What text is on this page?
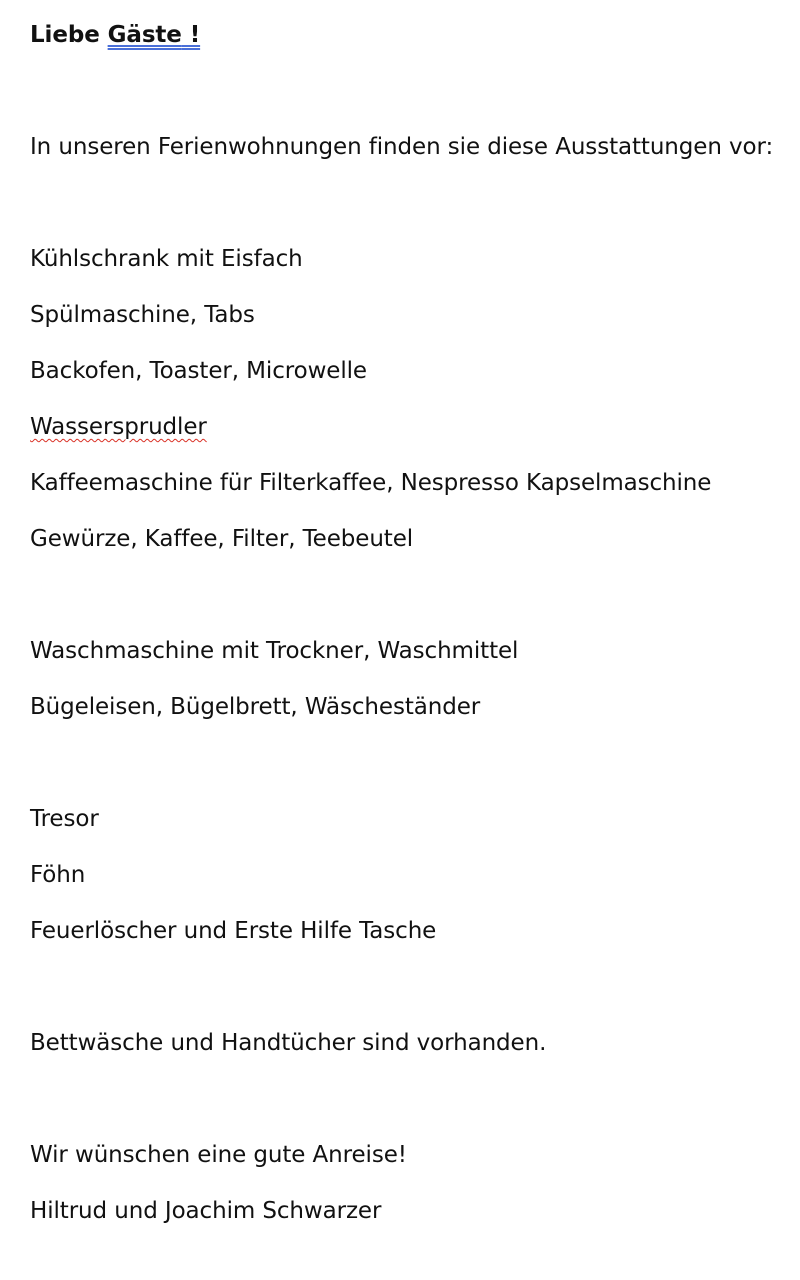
Liebe Gäste !
In unseren Ferienwohnungen finden sie diese Ausstattungen vor:
Kühlschrank mit Eisfach
Spülmaschine, Tabs
Backofen, Toaster, Microwelle
Wassersprudler
Kaffeemaschine für Filterkaffee, Nespresso Kapselmaschine
Gewürze, Kaffee, Filter, Teebeutel
Waschmaschine mit Trockner, Waschmittel
Bügeleisen, Bügelbrett, Wäscheständer
Tresor
Föhn
Feuerlöscher und Erste Hilfe Tasche
Bettwäsche und Handtücher sind vorhanden.
Wir wünschen eine gute Anreise!
Hiltrud und Joachim Schwarzer
